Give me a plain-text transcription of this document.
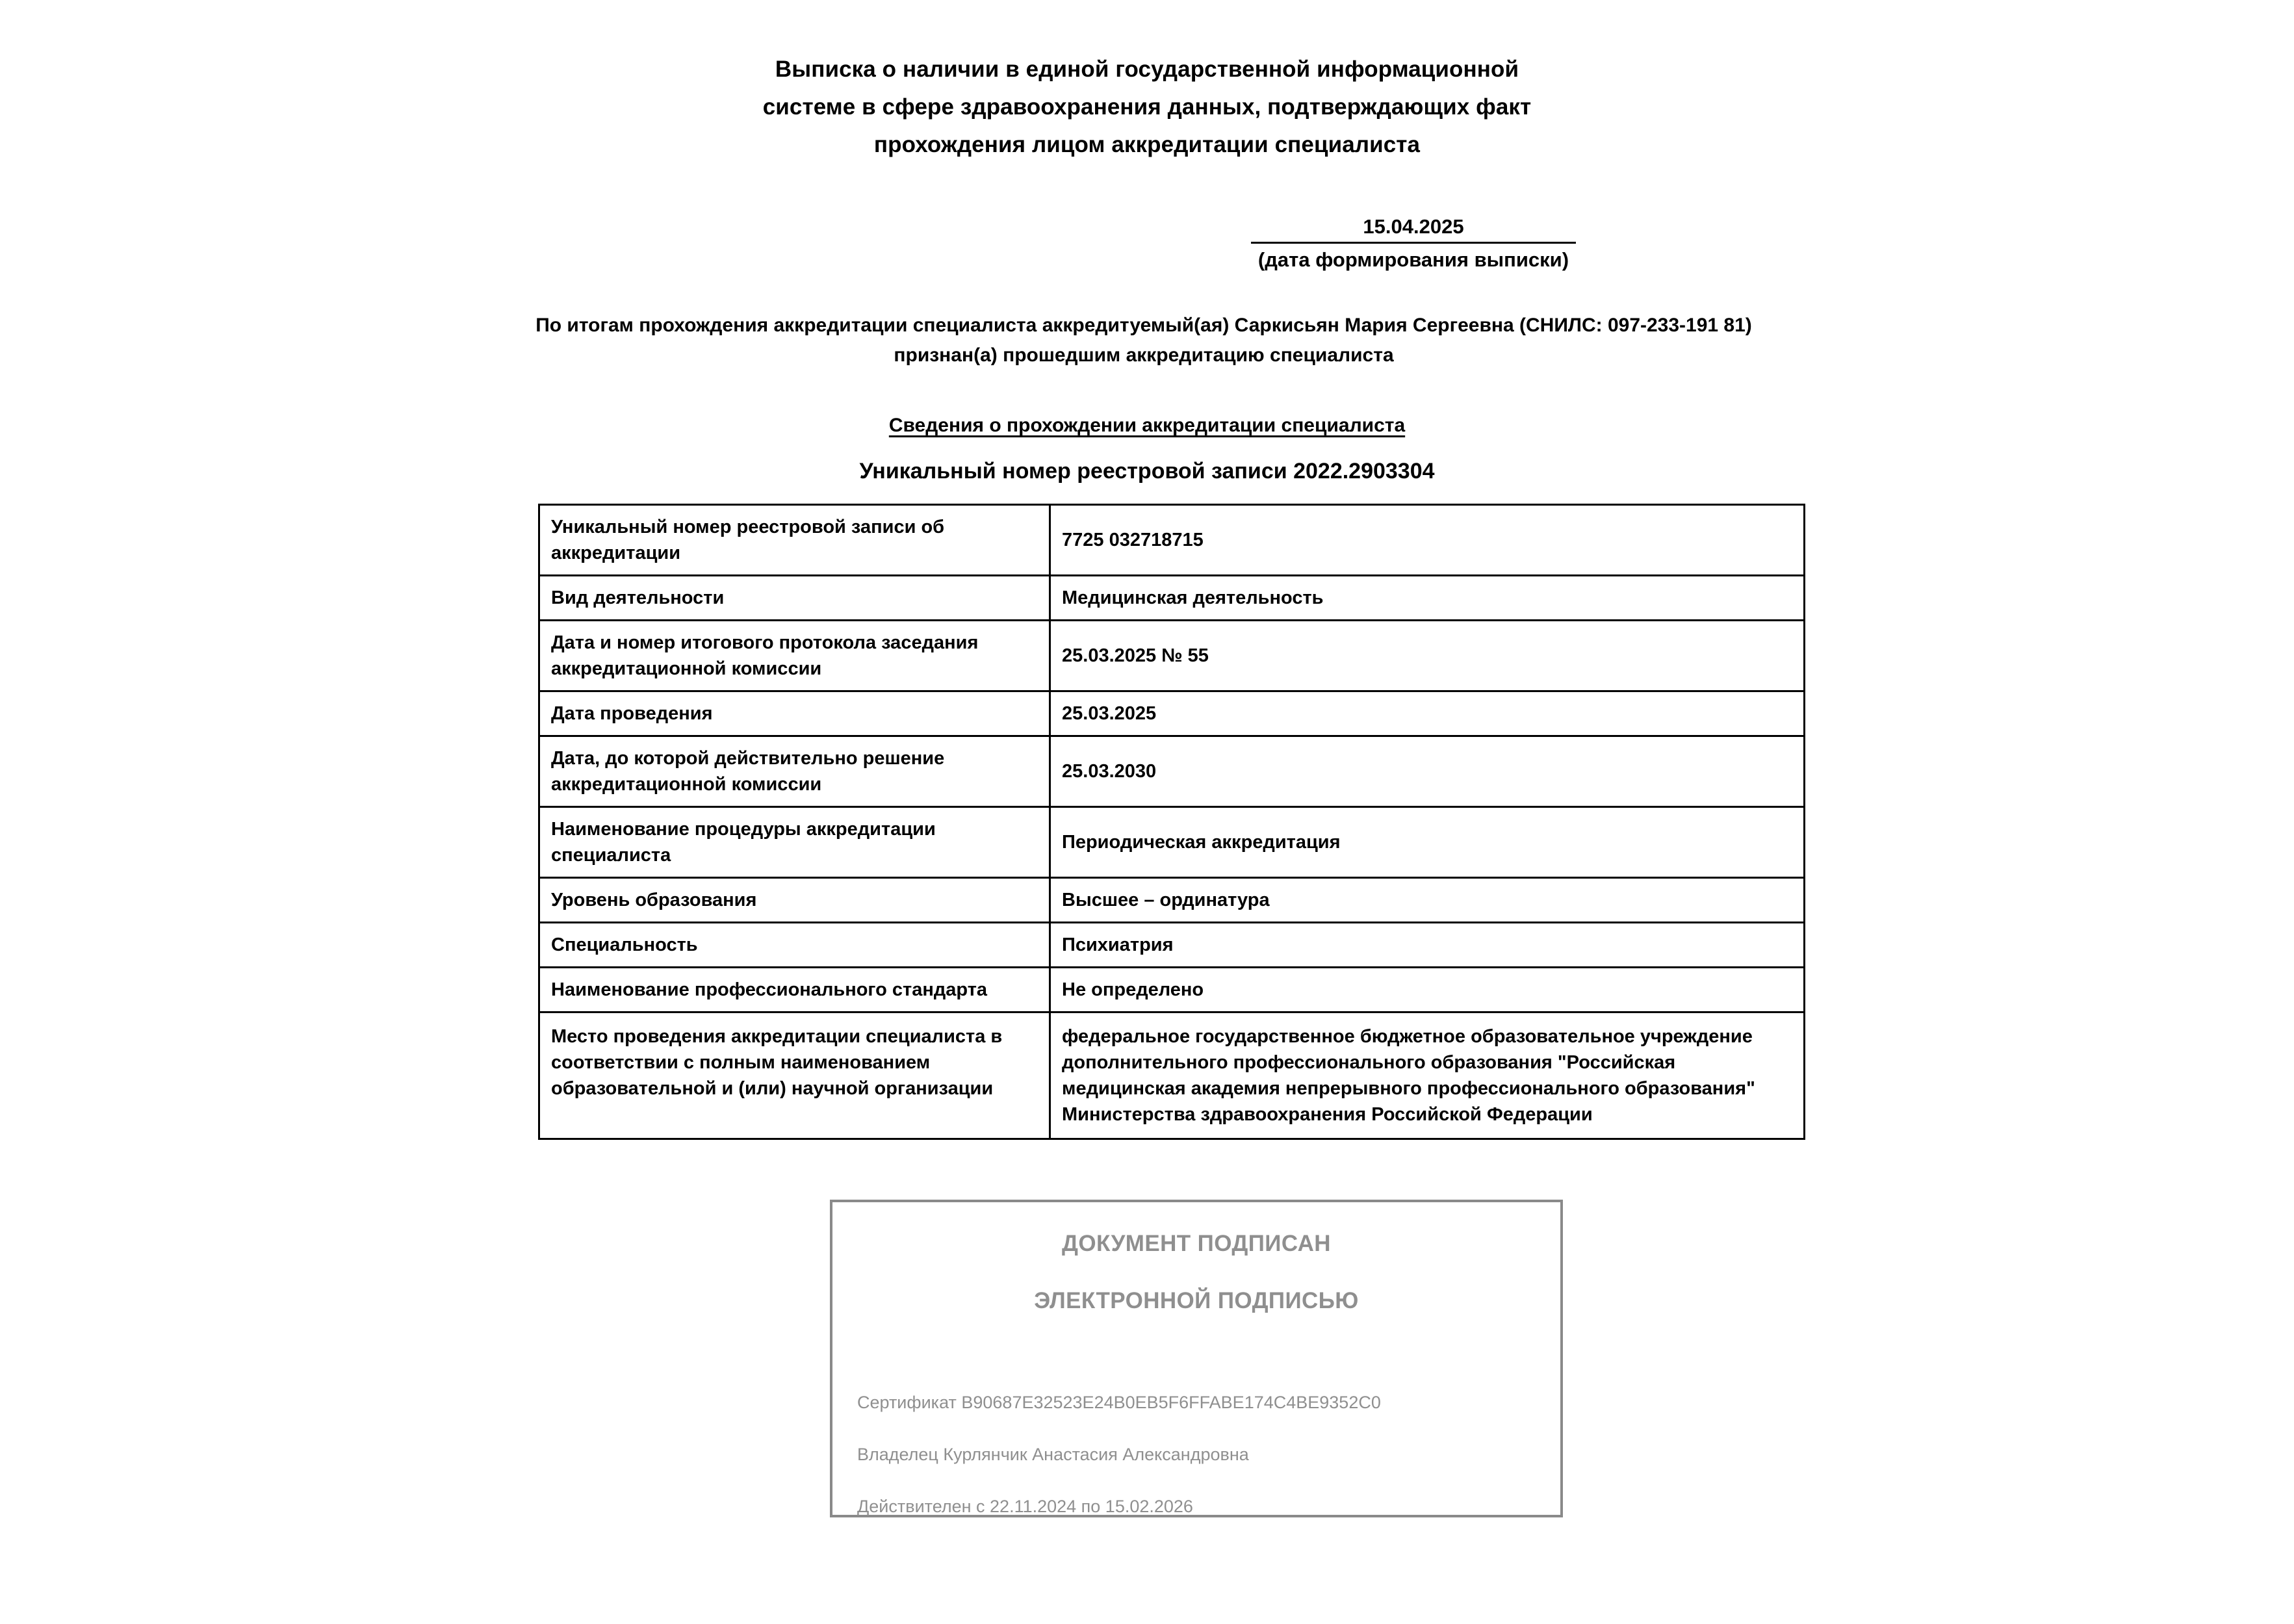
Выписка о наличии в единой государственной информационной
системе в сфере здравоохранения данных, подтверждающих факт
прохождения лицом аккредитации специалиста
15.04.2025
(дата формирования выписки)
По итогам прохождения аккредитации специалиста аккредитуемый(ая) Саркисьян Мария Сергеевна (СНИЛС: 097-233-191 81) признан(а) прошедшим аккредитацию специалиста
Сведения о прохождении аккредитации специалиста
Уникальный номер реестровой записи 2022.2903304
Уникальный номер реестровой записи об аккредитации	7725 032718715
Вид деятельности	Медицинская деятельность
Дата и номер итогового протокола заседания аккредитационной комиссии	25.03.2025 № 55
Дата проведения	25.03.2025
Дата, до которой действительно решение аккредитационной комиссии	25.03.2030
Наименование процедуры аккредитации специалиста	Периодическая аккредитация
Уровень образования	Высшее – ординатура
Специальность	Психиатрия
Наименование профессионального стандарта	Не определено
Место проведения аккредитации специалиста в соответствии с полным наименованием образовательной и (или) научной организации	федеральное государственное бюджетное образовательное учреждение дополнительного профессионального образования "Российская медицинская академия непрерывного профессионального образования" Министерства здравоохранения Российской Федерации
ДОКУМЕНТ ПОДПИСАН
ЭЛЕКТРОННОЙ ПОДПИСЬЮ
Сертификат B90687E32523E24B0EB5F6FFABE174C4BE9352C0
Владелец Курлянчик Анастасия Александровна
Действителен с 22.11.2024 по 15.02.2026
